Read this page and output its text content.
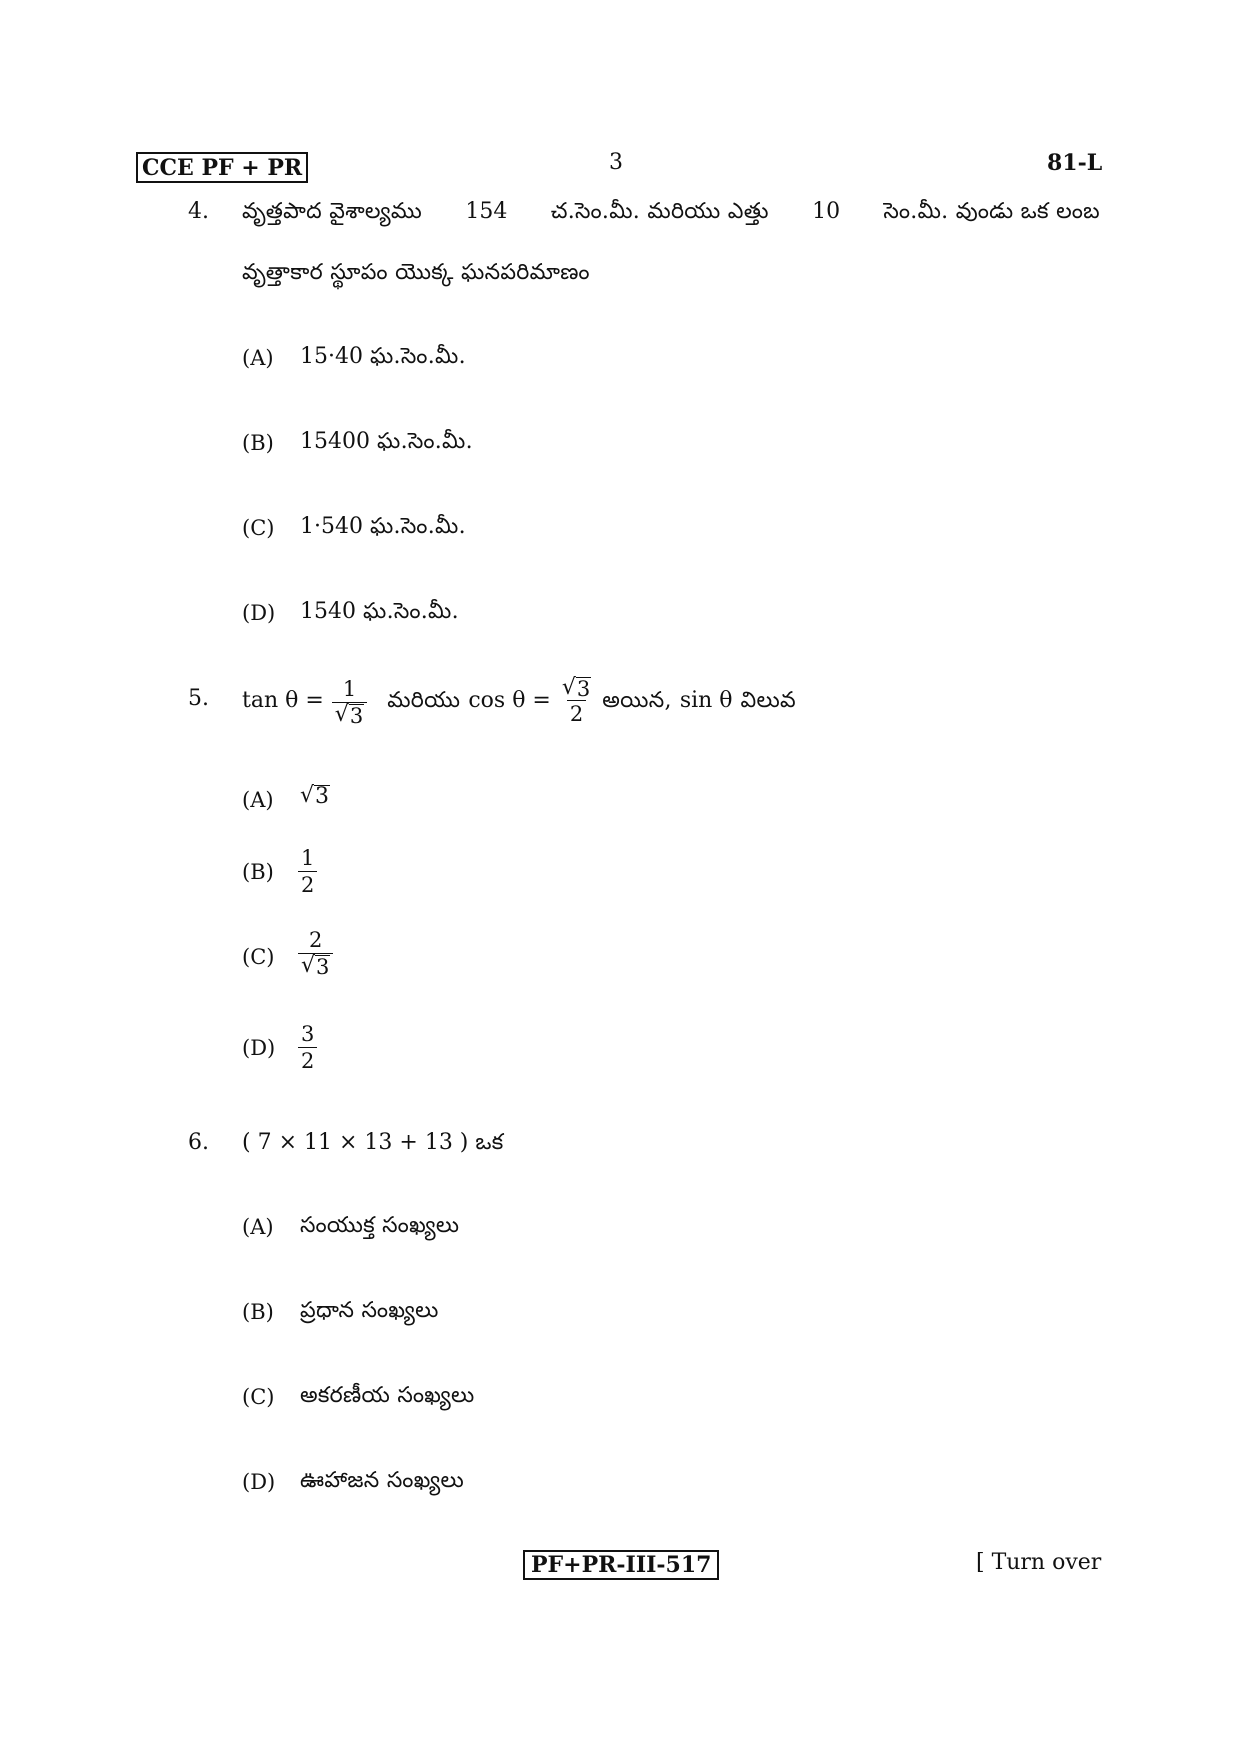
CCE PF + PR	3	81-L
4. వృత్తపాద వైశాల్యము 154 చ.సెం.మీ. మరియు ఎత్తు 10 సెం.మీ. వుండు ఒక లంబ
వృత్తాకార స్థూపం యొక్క ఘనపరిమాణం
(A) 15·40 ఘ.సెం.మీ.
(B) 15400 ఘ.సెం.మీ.
(C) 1·540 ఘ.సెం.మీ.
(D) 1540 ఘ.సెం.మీ.
5. $\tan \theta = \frac{1}{√ 3}$ మరియు $\cos \theta = \frac{√ 3}{2}$ అయిన, sin θ విలువ
(A) √ 3
$(B) \frac{1}{2}$
$(C) \frac{2}{√ 3}$
$(D) \frac{3}{2}$
6. ( 7 × 11 × 13 + 13 ) ఒక
(A) సంయుక్త సంఖ్యలు
(B) ప్రధాన సంఖ్యలు
(C) అకరణీయ సంఖ్యలు
(D) ఊహాజన సంఖ్యలు
PF+PR-III-517	[ Turn over
